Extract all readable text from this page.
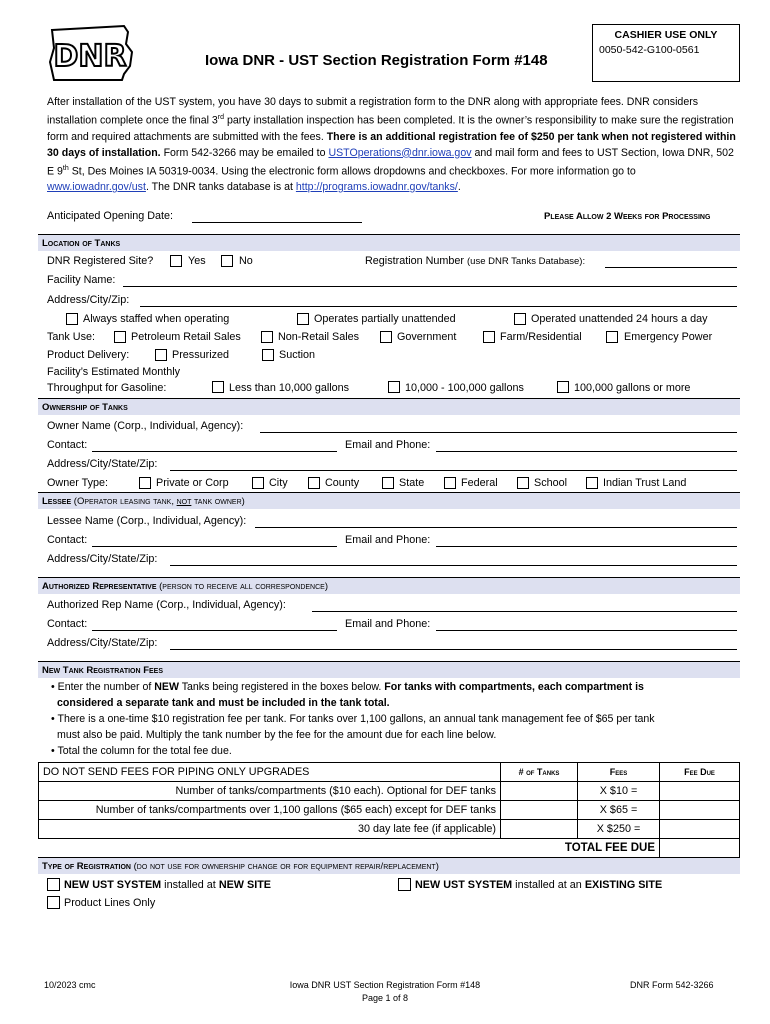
DNR	Iowa DNR - UST Section Registration Form #148
CASHIER USE ONLY
0050-542-G100-0561
After installation of the UST system, you have 30 days to submit a registration form to the DNR along with appropriate fees. DNR considers installation complete once the final 3rd party installation inspection has been completed. It is the owner’s responsibility to make sure the registration form and required attachments are submitted with the fees. There is an additional registration fee of $250 per tank when not registered within 30 days of installation. Form 542-3266 may be emailed to USTOperations@dnr.iowa.gov and mail form and fees to UST Section, Iowa DNR, 502 E 9th St, Des Moines IA 50319-0034. Using the electronic form allows dropdowns and checkboxes. For more information go to www.iowadnr.gov/ust. The DNR tanks database is at http://programs.iowadnr.gov/tanks/.
Anticipated Opening Date:	Please Allow 2 Weeks for Processing
Location of Tanks
DNR Registered Site?	Yes	No	Registration Number (use DNR Tanks Database):
Facility Name:
Address/City/Zip:
Always staffed when operating	Operates partially unattended	Operated unattended 24 hours a day
Tank Use:	Petroleum Retail Sales	Non-Retail Sales	Government	Farm/Residential	Emergency Power
Product Delivery:	Pressurized	Suction
Facility’s Estimated Monthly
Throughput for Gasoline:	Less than 10,000 gallons	10,000 - 100,000 gallons	100,000 gallons or more
Ownership of Tanks
Owner Name (Corp., Individual, Agency):
Contact:	Email and Phone:
Address/City/State/Zip:
Owner Type:	Private or Corp	City	County	State	Federal	School	Indian Trust Land
Lessee (Operator leasing tank, not tank owner)
Lessee Name (Corp., Individual, Agency):
Contact:	Email and Phone:
Address/City/State/Zip:
Authorized Representative (person to receive all correspondence)
Authorized Rep Name (Corp., Individual, Agency):
Contact:	Email and Phone:
Address/City/State/Zip:
New Tank Registration Fees
• Enter the number of NEW Tanks being registered in the boxes below. For tanks with compartments, each compartment is
considered a separate tank and must be included in the tank total.
• There is a one-time $10 registration fee per tank. For tanks over 1,100 gallons, an annual tank management fee of $65 per tank
must also be paid. Multiply the tank number by the fee for the amount due for each line below.
• Total the column for the total fee due.
DO NOT SEND FEES FOR PIPING ONLY UPGRADES	# of Tanks	Fees	Fee Due
Number of tanks/compartments ($10 each). Optional for DEF tanks		X $10 =	
Number of tanks/compartments over 1,100 gallons ($65 each) except for DEF tanks		X $65 =	
30 day late fee (if applicable)		X $250 =	
TOTAL FEE DUE			
Type of Registration (do not use for ownership change or for equipment repair/replacement)
NEW UST SYSTEM installed at NEW SITE	NEW UST SYSTEM installed at an EXISTING SITE
Product Lines Only
10/2023 cmc	Iowa DNR UST Section Registration Form #148
Page 1 of 8
DNR Form 542-3266
